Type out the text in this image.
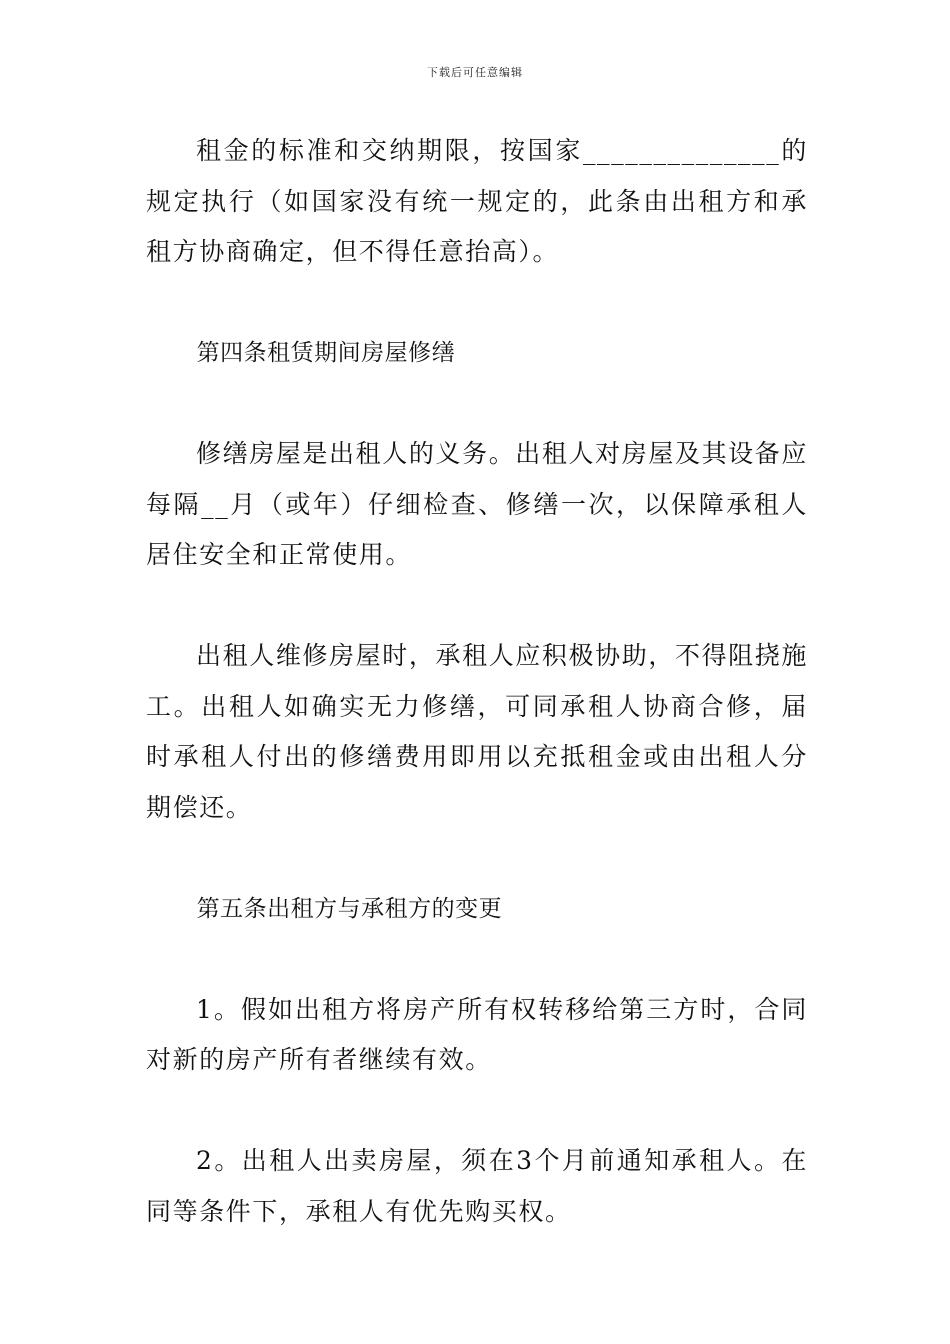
下载后可任意编辑

租金的标准和交纳期限，按国家______________的规定执行（如国家没有统一规定的，此条由出租方和承租方协商确定，但不得任意抬高）。

第四条租赁期间房屋修缮

修缮房屋是出租人的义务。出租人对房屋及其设备应每隔__月（或年）仔细检查、修缮一次，以保障承租人居住安全和正常使用。

出租人维修房屋时，承租人应积极协助，不得阻挠施工。出租人如确实无力修缮，可同承租人协商合修，届时承租人付出的修缮费用即用以充抵租金或由出租人分期偿还。

第五条出租方与承租方的变更

1。假如出租方将房产所有权转移给第三方时，合同对新的房产所有者继续有效。

2。出租人出卖房屋，须在3个月前通知承租人。在同等条件下，承租人有优先购买权。
